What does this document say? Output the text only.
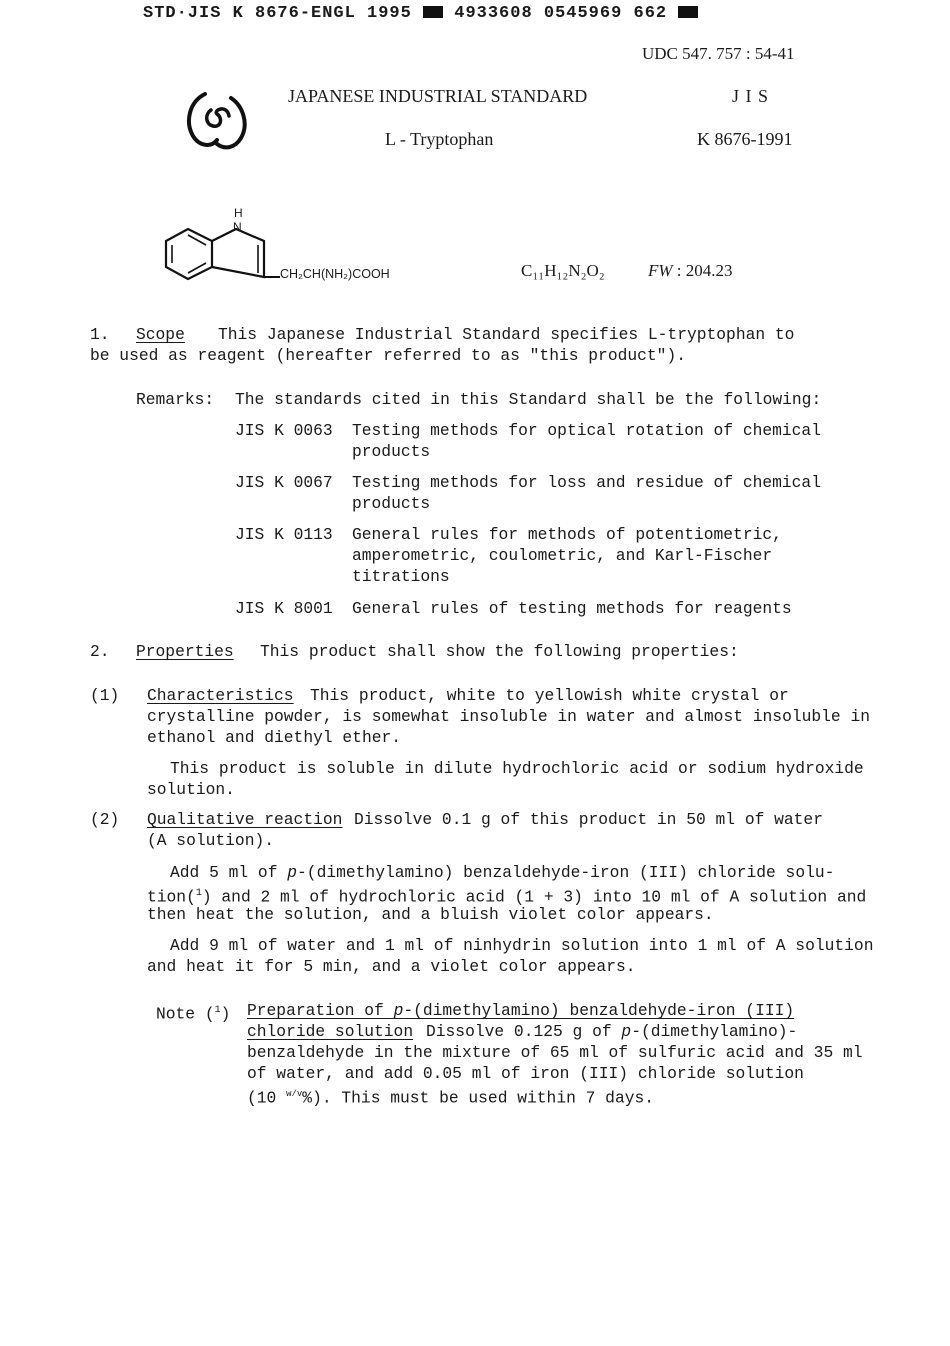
STD·JIS K 8676-ENGL 1995 4933608 0545969 662
UDC 547. 757 : 54-41
JAPANESE INDUSTRIAL STANDARD	J I S
L - Tryptophan	K 8676-1991
H
N
CH₂CH(NH₂)COOH	C₁₁H₁₂N₂O₂	FW : 204.23
1. Scope This Japanese Industrial Standard specifies L-tryptophan to
be used as reagent (hereafter referred to as "this product").
Remarks: The standards cited in this Standard shall be the following:
JIS K 0063 Testing methods for optical rotation of chemical
products
JIS K 0067 Testing methods for loss and residue of chemical
products
JIS K 0113 General rules for methods of potentiometric,
amperometric, coulometric, and Karl-Fischer
titrations
JIS K 8001 General rules of testing methods for reagents
2. Properties This product shall show the following properties:
(1) Characteristics This product, white to yellowish white crystal or
crystalline powder, is somewhat insoluble in water and almost insoluble in
ethanol and diethyl ether.
This product is soluble in dilute hydrochloric acid or sodium hydroxide
solution.
(2) Qualitative reaction Dissolve 0.1 g of this product in 50 ml of water
(A solution).
Add 5 ml of p-(dimethylamino) benzaldehyde-iron (III) chloride solu-
tion($^1$) and 2 ml of hydrochloric acid (1 + 3) into 10 ml of A solution and
then heat the solution, and a bluish violet color appears.
Add 9 ml of water and 1 ml of ninhydrin solution into 1 ml of A solution
and heat it for 5 min, and a violet color appears.
Note ($^1$) Preparation of p-(dimethylamino) benzaldehyde-iron (III)
chloride solution Dissolve 0.125 g of p-(dimethylamino)-
benzaldehyde in the mixture of 65 ml of sulfuric acid and 35 ml
of water, and add 0.05 ml of iron (III) chloride solution
(10 $^{w/v}$%). This must be used within 7 days.
